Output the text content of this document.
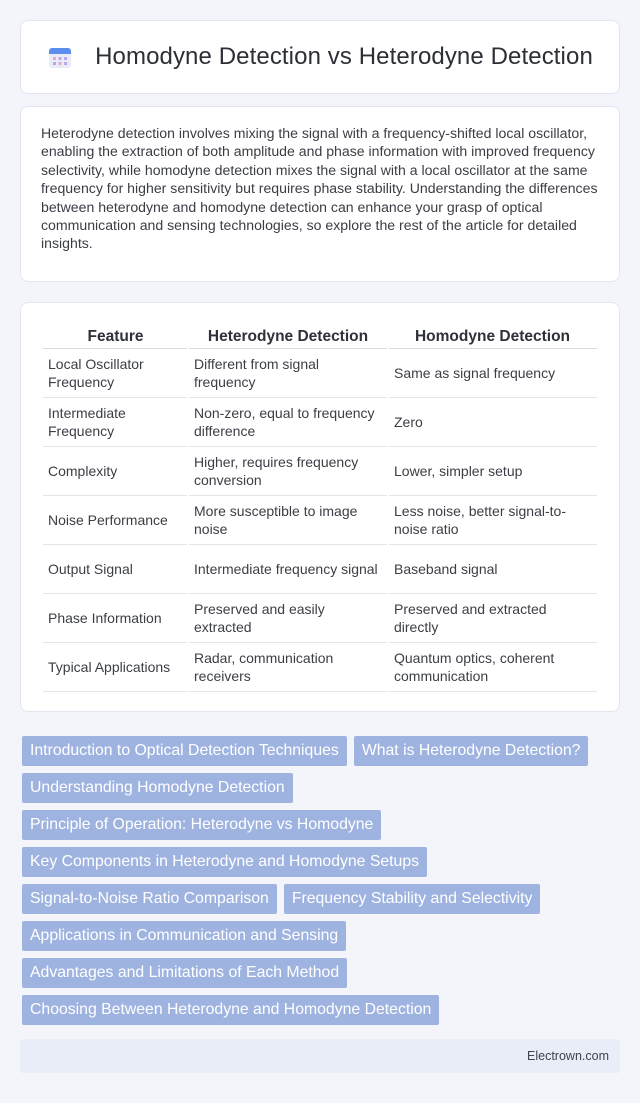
Homodyne Detection vs Heterodyne Detection

Heterodyne detection involves mixing the signal with a frequency-shifted local oscillator, enabling the extraction of both amplitude and phase information with improved frequency selectivity, while homodyne detection mixes the signal with a local oscillator at the same frequency for higher sensitivity but requires phase stability. Understanding the differences between heterodyne and homodyne detection can enhance your grasp of optical communication and sensing technologies, so explore the rest of the article for detailed insights.

Feature	Heterodyne Detection	Homodyne Detection
Local Oscillator Frequency	Different from signal frequency	Same as signal frequency
Intermediate Frequency	Non-zero, equal to frequency difference	Zero
Complexity	Higher, requires frequency conversion	Lower, simpler setup
Noise Performance	More susceptible to image noise	Less noise, better signal-to-noise ratio
Output Signal	Intermediate frequency signal	Baseband signal
Phase Information	Preserved and easily extracted	Preserved and extracted directly
Typical Applications	Radar, communication receivers	Quantum optics, coherent communication
Introduction to Optical Detection Techniques	What is Heterodyne Detection?
Understanding Homodyne Detection
Principle of Operation: Heterodyne vs Homodyne
Key Components in Heterodyne and Homodyne Setups
Signal-to-Noise Ratio Comparison	Frequency Stability and Selectivity
Applications in Communication and Sensing
Advantages and Limitations of Each Method
Choosing Between Heterodyne and Homodyne Detection
Electrown.com
